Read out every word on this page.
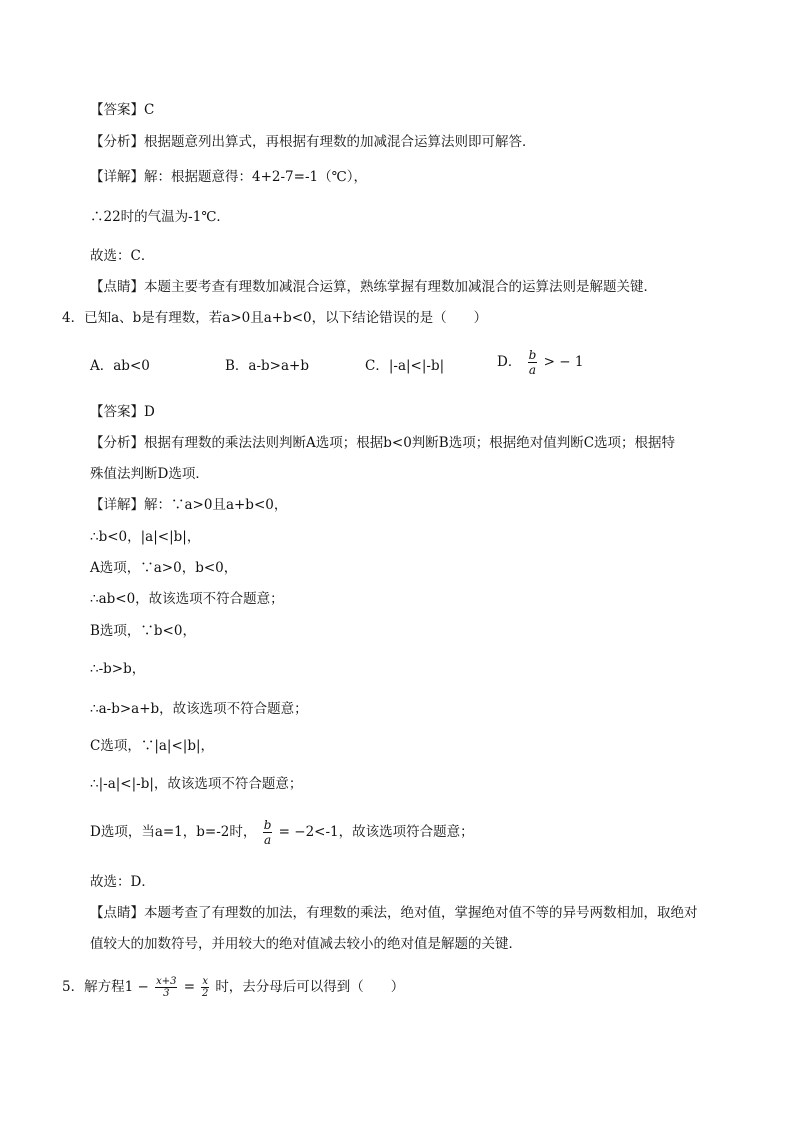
【答案】C
【分析】根据题意列出算式，再根据有理数的加减混合运算法则即可解答．
【详解】解：根据题意得：4+2-7=-1（℃），
∴22时的气温为-1℃．
故选：C．
【点睛】本题主要考查有理数加减混合运算，熟练掌握有理数加减混合的运算法则是解题关键．
4．已知a、b是有理数，若a>0且a+b<0，以下结论错误的是（　　）
A．ab<0	B．a-b>a+b	C．|-a|<|-b|	D． $\frac{b}{a}$ > − 1
【答案】D
【分析】根据有理数的乘法法则判断A选项；根据b<0判断B选项；根据绝对值判断C选项；根据特
殊值法判断D选项．
【详解】解：∵a>0且a+b<0，
∴b<0，|a|<|b|，
A选项，∵a>0，b<0，
∴ab<0，故该选项不符合题意；
B选项，∵b<0，
∴-b>b，
∴a-b>a+b，故该选项不符合题意；
C选项，∵|a|<|b|，
∴|-a|<|-b|，故该选项不符合题意；
D选项，当a=1，b=-2时， $\frac{b}{a} = -2<-1$，故该选项符合题意；
故选：D．
【点睛】本题考查了有理数的加法，有理数的乘法，绝对值，掌握绝对值不等的异号两数相加，取绝对
值较大的加数符号，并用较大的绝对值减去较小的绝对值是解题的关键．
5．解方程$1 - \frac{x+3}{3} = \frac{x}{2}$ 时，去分母后可以得到（　　）
